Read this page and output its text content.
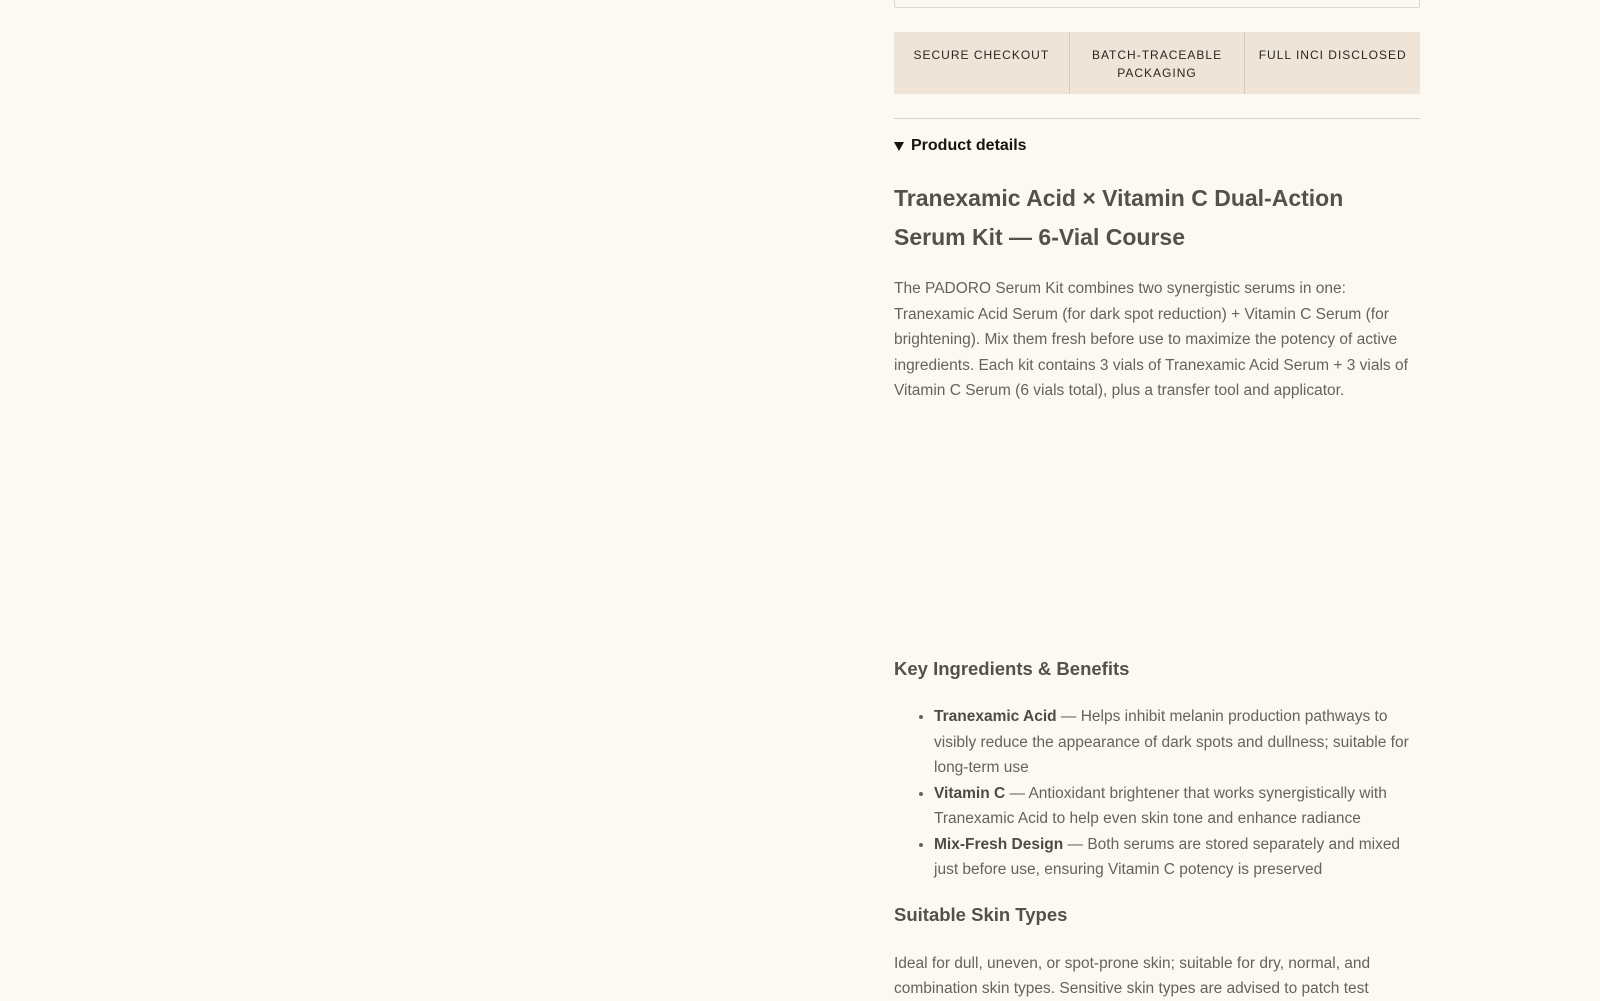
SECURE CHECKOUT	BATCH-TRACEABLE PACKAGING
FULL INCI DISCLOSED
Product details
Tranexamic Acid × Vitamin C Dual-Action Serum Kit — 6-Vial Course

The PADORO Serum Kit combines two synergistic serums in one: Tranexamic Acid Serum (for dark spot reduction) + Vitamin C Serum (for brightening). Mix them fresh before use to maximize the potency of active ingredients. Each kit contains 3 vials of Tranexamic Acid Serum + 3 vials of Vitamin C Serum (6 vials total), plus a transfer tool and applicator.

Key Ingredients & Benefits
• Tranexamic Acid — Helps inhibit melanin production pathways to visibly reduce the appearance of dark spots and dullness; suitable for long-term use
• Vitamin C — Antioxidant brightener that works synergistically with Tranexamic Acid to help even skin tone and enhance radiance
• Mix-Fresh Design — Both serums are stored separately and mixed just before use, ensuring Vitamin C potency is preserved
Suitable Skin Types

Ideal for dull, uneven, or spot-prone skin; suitable for dry, normal, and combination skin types. Sensitive skin types are advised to patch test
